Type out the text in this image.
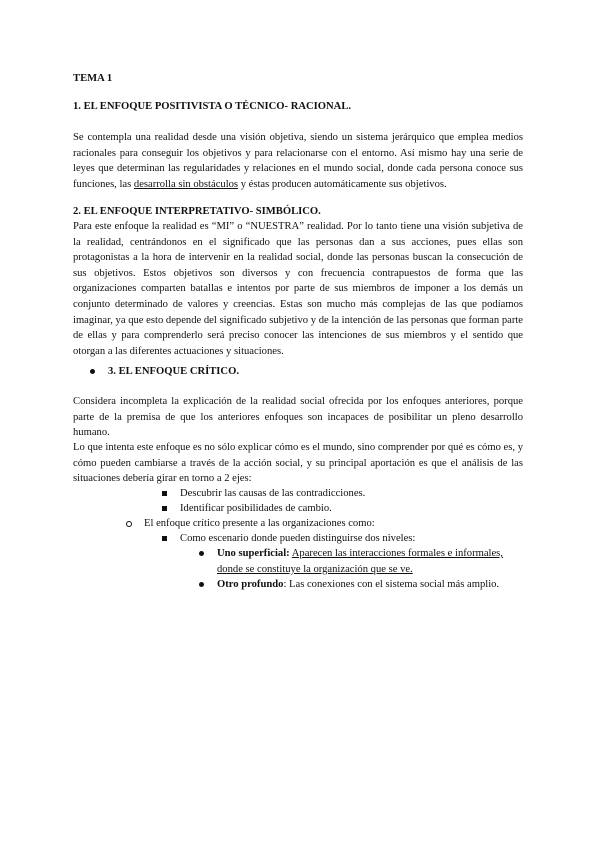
TEMA 1
1. EL ENFOQUE POSITIVISTA O TÉCNICO- RACIONAL.

Se contempla una realidad desde una visión objetiva, siendo un sistema jerárquico que emplea medios racionales para conseguir los objetivos y para relacionarse con el entorno. Así mismo hay una serie de leyes que determinan las regularidades y relaciones en el mundo social, donde cada persona conoce sus funciones, las desarrolla sin obstáculos y éstas producen automáticamente sus objetivos.

2. EL ENFOQUE INTERPRETATIVO- SIMBÓLICO.

Para este enfoque la realidad es “MI” o “NUESTRA” realidad. Por lo tanto tiene una visión subjetiva de la realidad, centrándonos en el significado que las personas dan a sus acciones, pues ellas son protagonistas a la hora de intervenir en la realidad social, donde las personas buscan la consecución de sus objetivos. Estos objetivos son diversos y con frecuencia contrapuestos de forma que las organizaciones comparten batallas e intentos por parte de sus miembros de imponer a los demás un conjunto determinado de valores y creencias. Estas son mucho más complejas de las que podíamos imaginar, ya que esto depende del significado subjetivo y de la intención de las personas que forman parte de ellas y para comprenderlo será preciso conocer las intenciones de sus miembros y el sentido que otorgan a las diferentes actuaciones y situaciones.

3. EL ENFOQUE CRÍTICO.

Considera incompleta la explicación de la realidad social ofrecida por los enfoques anteriores, porque parte de la premisa de que los anteriores enfoques son incapaces de posibilitar un pleno desarrollo humano.

Lo que intenta este enfoque es no sólo explicar cómo es el mundo, sino comprender por qué es cómo es, y cómo pueden cambiarse a través de la acción social, y su principal aportación es que el análisis de las situaciones debería girar en torno a 2 ejes:

Descubrir las causas de las contradicciones.
Identificar posibilidades de cambio.
El enfoque crítico presente a las organizaciones como:
Como escenario donde pueden distinguirse dos niveles:
Uno superficial: Aparecen las interacciones formales e informales, donde se constituye la organización que se ve.
Otro profundo: Las conexiones con el sistema social más amplio.
